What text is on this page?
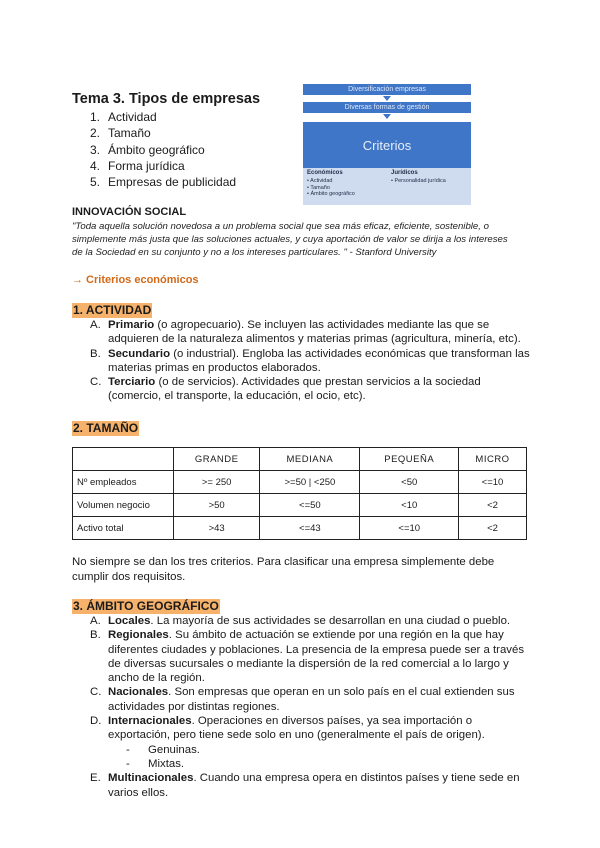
Tema 3. Tipos de empresas
1. Actividad
2. Tamaño
3. Ámbito geográfico
4. Forma jurídica
5. Empresas de publicidad
Diversificación empresas
Diversas formas de gestión
Criterios
Económicos
• Actividad
• Tamaño
• Ámbito geográfico
Jurídicos
• Personalidad jurídica
INNOVACIÓN SOCIAL
"Toda aquella solución novedosa a un problema social que sea más eficaz, eficiente, sostenible, o simplemente más justa que las soluciones actuales, y cuya aportación de valor se dirija a los intereses de la Sociedad en su conjunto y no a los intereses particulares. " - Stanford University
→ Criterios económicos
1. ACTIVIDAD
A. Primario (o agropecuario). Se incluyen las actividades mediante las que se adquieren de la naturaleza alimentos y materias primas (agricultura, minería, etc).
B. Secundario (o industrial). Engloba las actividades económicas que transforman las materias primas en productos elaborados.
C. Terciario (o de servicios). Actividades que prestan servicios a la sociedad (comercio, el transporte, la educación, el ocio, etc).
2. TAMAÑO
	GRANDE	MEDIANA	PEQUEÑA	MICRO
Nº empleados	>= 250	>=50 | <250	<50	<=10
Volumen negocio	>50	<=50	<10	<2
Activo total	>43	<=43	<=10	<2
No siempre se dan los tres criterios. Para clasificar una empresa simplemente debe cumplir dos requisitos.
3. ÁMBITO GEOGRÁFICO
A. Locales. La mayoría de sus actividades se desarrollan en una ciudad o pueblo.
B. Regionales. Su ámbito de actuación se extiende por una región en la que hay diferentes ciudades y poblaciones. La presencia de la empresa puede ser a través de diversas sucursales o mediante la dispersión de la red comercial a lo largo y ancho de la región.
C. Nacionales. Son empresas que operan en un solo país en el cual extienden sus actividades por distintas regiones.
D. Internacionales. Operaciones en diversos países, ya sea importación o exportación, pero tiene sede solo en uno (generalmente el país de origen).
-	Genuinas.
-	Mixtas.
E. Multinacionales. Cuando una empresa opera en distintos países y tiene sede en varios ellos.
